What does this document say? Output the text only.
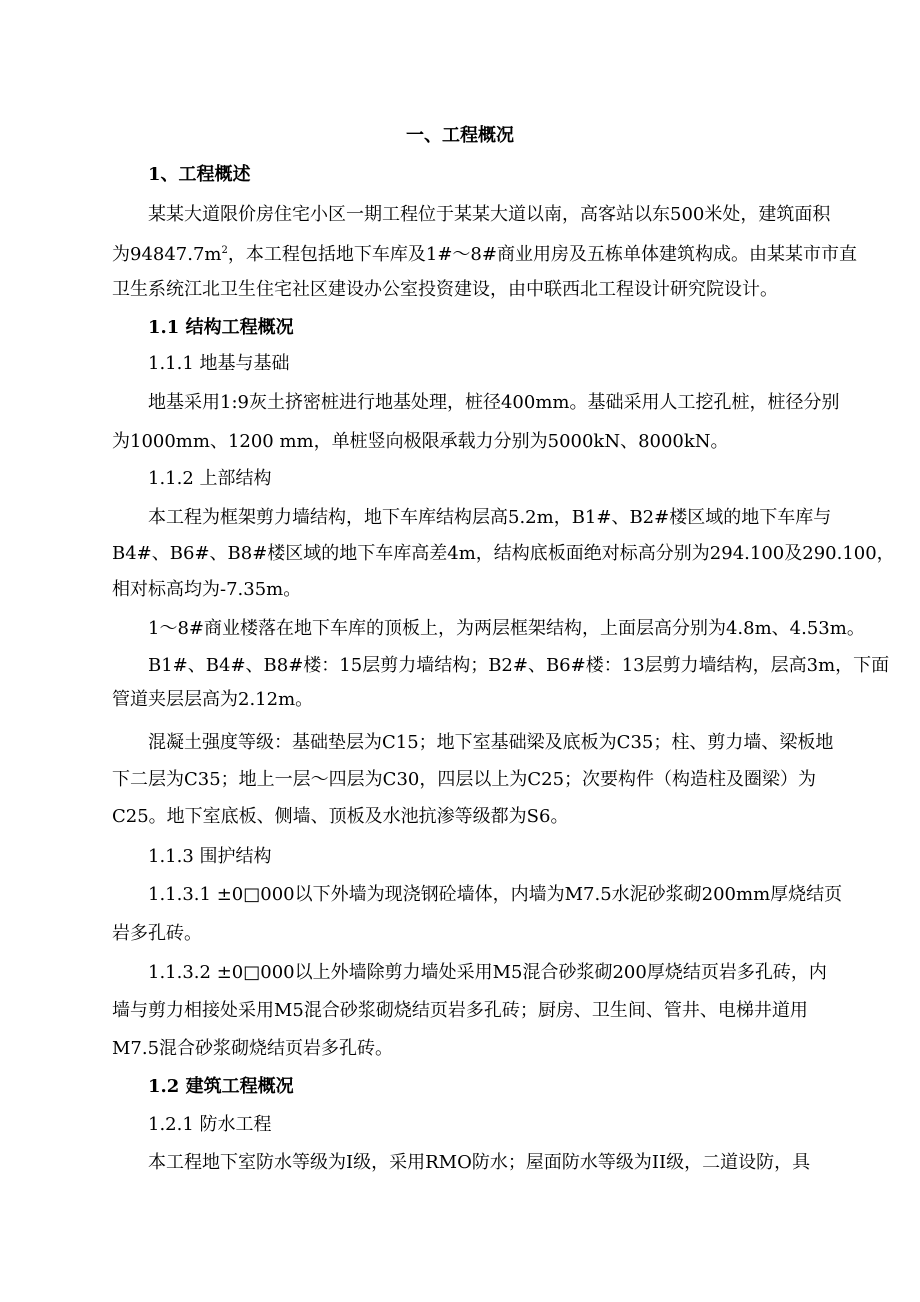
一、工程概况

1、工程概述

某某大道限价房住宅小区一期工程位于某某大道以南，高客站以东500米处，建筑面积

为$94847.7m^2$，本工程包括地下车库及1#～8#商业用房及五栋单体建筑构成。由某某市市直

卫生系统江北卫生住宅社区建设办公室投资建设，由中联西北工程设计研究院设计。

1.1 结构工程概况

1.1.1 地基与基础

地基采用1:9灰土挤密桩进行地基处理，桩径400mm。基础采用人工挖孔桩，桩径分别

为1000mm、1200 mm，单桩竖向极限承载力分别为5000kN、8000kN。

1.1.2 上部结构

本工程为框架剪力墙结构，地下车库结构层高5.2m，B1#、B2#楼区域的地下车库与

B4#、B6#、B8#楼区域的地下车库高差4m，结构底板面绝对标高分别为294.100及290.100，

相对标高均为-7.35m。

1～8#商业楼落在地下车库的顶板上，为两层框架结构，上面层高分别为4.8m、4.53m。

B1#、B4#、B8#楼：15层剪力墙结构；B2#、B6#楼：13层剪力墙结构，层高3m，下面

管道夹层层高为2.12m。

混凝土强度等级：基础垫层为C15；地下室基础梁及底板为C35；柱、剪力墙、梁板地

下二层为C35；地上一层～四层为C30，四层以上为C25；次要构件（构造柱及圈梁）为

C25。地下室底板、侧墙、顶板及水池抗渗等级都为S6。

1.1.3 围护结构

1.1.3.1 ±0□000以下外墙为现浇钢砼墙体，内墙为M7.5水泥砂浆砌200mm厚烧结页

岩多孔砖。

1.1.3.2 ±0□000以上外墙除剪力墙处采用M5混合砂浆砌200厚烧结页岩多孔砖，内

墙与剪力相接处采用M5混合砂浆砌烧结页岩多孔砖；厨房、卫生间、管井、电梯井道用

M7.5混合砂浆砌烧结页岩多孔砖。

1.2 建筑工程概况

1.2.1 防水工程

本工程地下室防水等级为Ⅰ级，采用RMO防水；屋面防水等级为II级，二道设防，具
